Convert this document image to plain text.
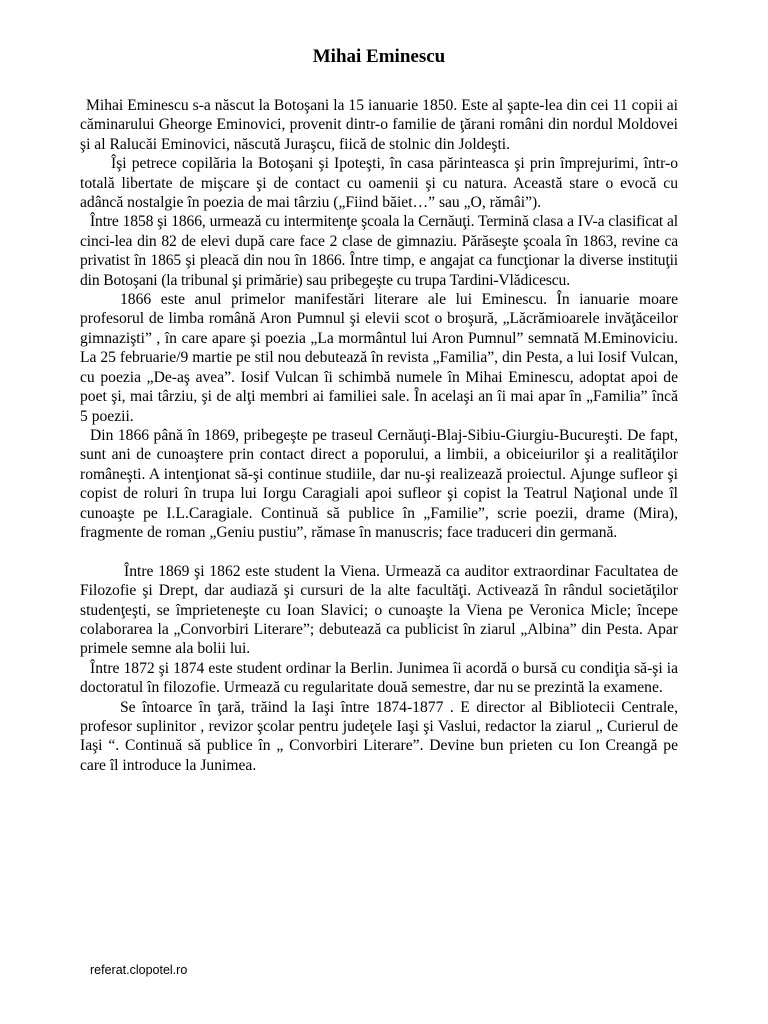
Mihai Eminescu

Mihai Eminescu s-a născut la Botoşani la 15 ianuarie 1850. Este al şapte-lea din cei 11 copii ai căminarului Gheorge Eminovici, provenit dintr-o familie de ţărani români din nordul Moldovei şi al Ralucăi Eminovici, născută Juraşcu, fiică de stolnic din Joldeşti.

Îşi petrece copilăria la Botoşani şi Ipoteşti, în casa părinteasca şi prin împrejurimi, într-o totală libertate de mişcare şi de contact cu oamenii şi cu natura. Această stare o evocă cu adâncă nostalgie în poezia de mai târziu („Fiind băiet…” sau „O, rămâi”).

Între 1858 şi 1866, urmează cu intermitenţe şcoala la Cernăuţi. Termină clasa a IV-a clasificat al cinci-lea din 82 de elevi după care face 2 clase de gimnaziu. Părăseşte şcoala în 1863, revine ca privatist în 1865 şi pleacă din nou în 1866. Între timp, e angajat ca funcţionar la diverse instituţii din Botoşani (la tribunal şi primărie) sau pribegeşte cu trupa Tardini-Vlădicescu.

1866 este anul primelor manifestări literare ale lui Eminescu. În ianuarie moare profesorul de limba română Aron Pumnul şi elevii scot o broşură, „Lăcrămioarele invăţăceilor gimnazişti” , în care apare şi poezia „La mormântul lui Aron Pumnul” semnată M.Eminoviciu. La 25 februarie/9 martie pe stil nou debutează în revista „Familia”, din Pesta, a lui Iosif Vulcan, cu poezia „De-aş avea”. Iosif Vulcan îi schimbă numele în Mihai Eminescu, adoptat apoi de poet şi, mai târziu, şi de alţi membri ai familiei sale. În acelaşi an îi mai apar în „Familia” încă 5 poezii.

Din 1866 până în 1869, pribegeşte pe traseul Cernăuţi-Blaj-Sibiu-Giurgiu-Bucureşti. De fapt, sunt ani de cunoaştere prin contact direct a poporului, a limbii, a obiceiurilor şi a realităţilor româneşti. A intenţionat să-şi continue studiile, dar nu-şi realizează proiectul. Ajunge sufleor şi copist de roluri în trupa lui Iorgu Caragiali apoi sufleor şi copist la Teatrul Naţional unde îl cunoaşte pe I.L.Caragiale. Continuă să publice în „Familie”, scrie poezii, drame (Mira), fragmente de roman „Geniu pustiu”, rămase în manuscris; face traduceri din germană.

Între 1869 şi 1862 este student la Viena. Urmează ca auditor extraordinar Facultatea de Filozofie şi Drept, dar audiază şi cursuri de la alte facultăţi. Activează în rândul societăţilor studenţeşti, se împrieteneşte cu Ioan Slavici; o cunoaşte la Viena pe Veronica Micle; începe colaborarea la „Convorbiri Literare”; debutează ca publicist în ziarul „Albina” din Pesta. Apar primele semne ala bolii lui.

Între 1872 şi 1874 este student ordinar la Berlin. Junimea îi acordă o bursă cu condiţia să-şi ia doctoratul în filozofie. Urmează cu regularitate două semestre, dar nu se prezintă la examene.

Se întoarce în ţară, trăind la Iaşi între 1874-1877 . E director al Bibliotecii Centrale, profesor suplinitor , revizor şcolar pentru judeţele Iaşi şi Vaslui, redactor la ziarul „ Curierul de Iaşi “. Continuă să publice în „ Convorbiri Literare”. Devine bun prieten cu Ion Creangă pe care îl introduce la Junimea.

referat.clopotel.ro
